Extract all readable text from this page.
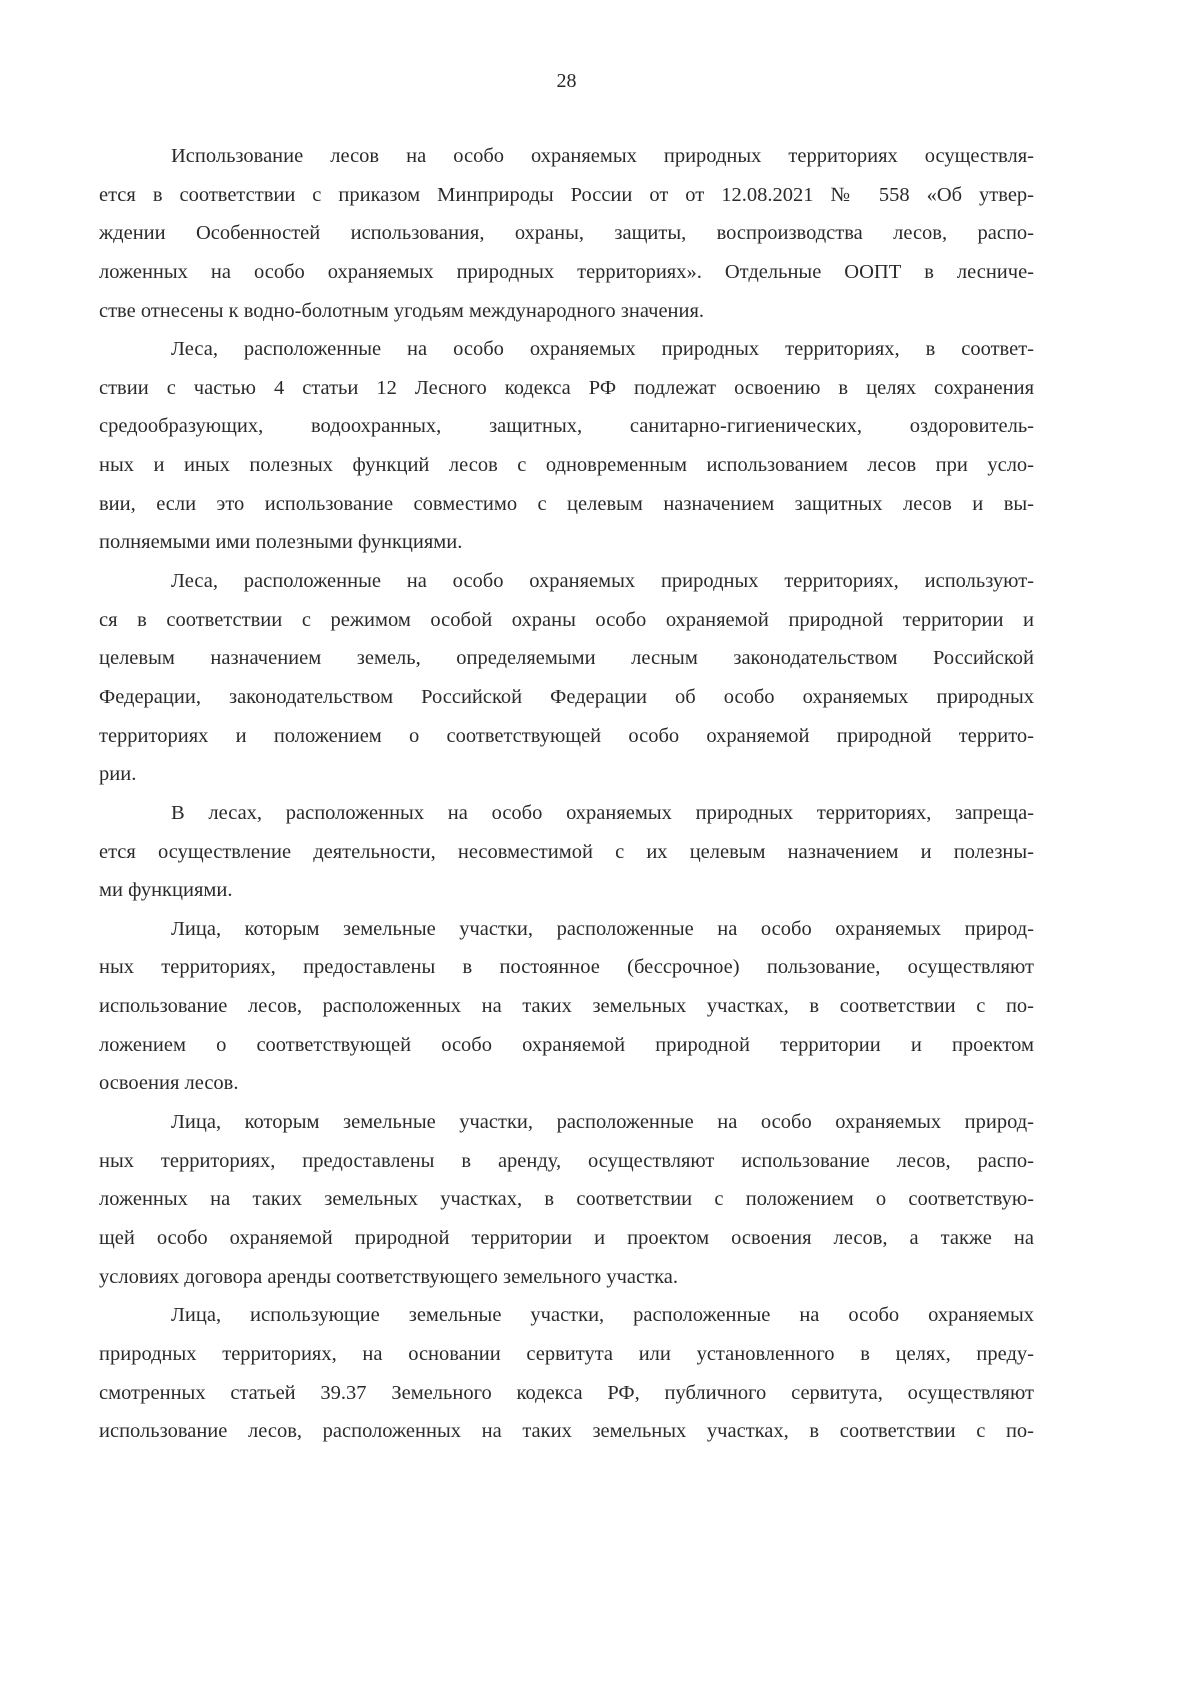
28
Использование лесов на особо охраняемых природных территориях осуществля-
ется в соответствии с приказом Минприроды России от от 12.08.2021 № 558 «Об утвер-
ждении Особенностей использования, охраны, защиты, воспроизводства лесов, распо-
ложенных на особо охраняемых природных территориях». Отдельные ООПТ в лесниче-
стве отнесены к водно-болотным угодьям международного значения.
Леса, расположенные на особо охраняемых природных территориях, в соответ-
ствии с частью 4 статьи 12 Лесного кодекса РФ подлежат освоению в целях сохранения
средообразующих, водоохранных, защитных, санитарно-гигиенических, оздоровитель-
ных и иных полезных функций лесов с одновременным использованием лесов при усло-
вии, если это использование совместимо с целевым назначением защитных лесов и вы-
полняемыми ими полезными функциями.
Леса, расположенные на особо охраняемых природных территориях, используют-
ся в соответствии с режимом особой охраны особо охраняемой природной территории и
целевым назначением земель, определяемыми лесным законодательством Российской
Федерации, законодательством Российской Федерации об особо охраняемых природных
территориях и положением о соответствующей особо охраняемой природной террито-
рии.
В лесах, расположенных на особо охраняемых природных территориях, запреща-
ется осуществление деятельности, несовместимой с их целевым назначением и полезны-
ми функциями.
Лица, которым земельные участки, расположенные на особо охраняемых природ-
ных территориях, предоставлены в постоянное (бессрочное) пользование, осуществляют
использование лесов, расположенных на таких земельных участках, в соответствии с по-
ложением о соответствующей особо охраняемой природной территории и проектом
освоения лесов.
Лица, которым земельные участки, расположенные на особо охраняемых природ-
ных территориях, предоставлены в аренду, осуществляют использование лесов, распо-
ложенных на таких земельных участках, в соответствии с положением о соответствую-
щей особо охраняемой природной территории и проектом освоения лесов, а также на
условиях договора аренды соответствующего земельного участка.
Лица, использующие земельные участки, расположенные на особо охраняемых
природных территориях, на основании сервитута или установленного в целях, преду-
смотренных статьей 39.37 Земельного кодекса РФ, публичного сервитута, осуществляют
использование лесов, расположенных на таких земельных участках, в соответствии с по-
